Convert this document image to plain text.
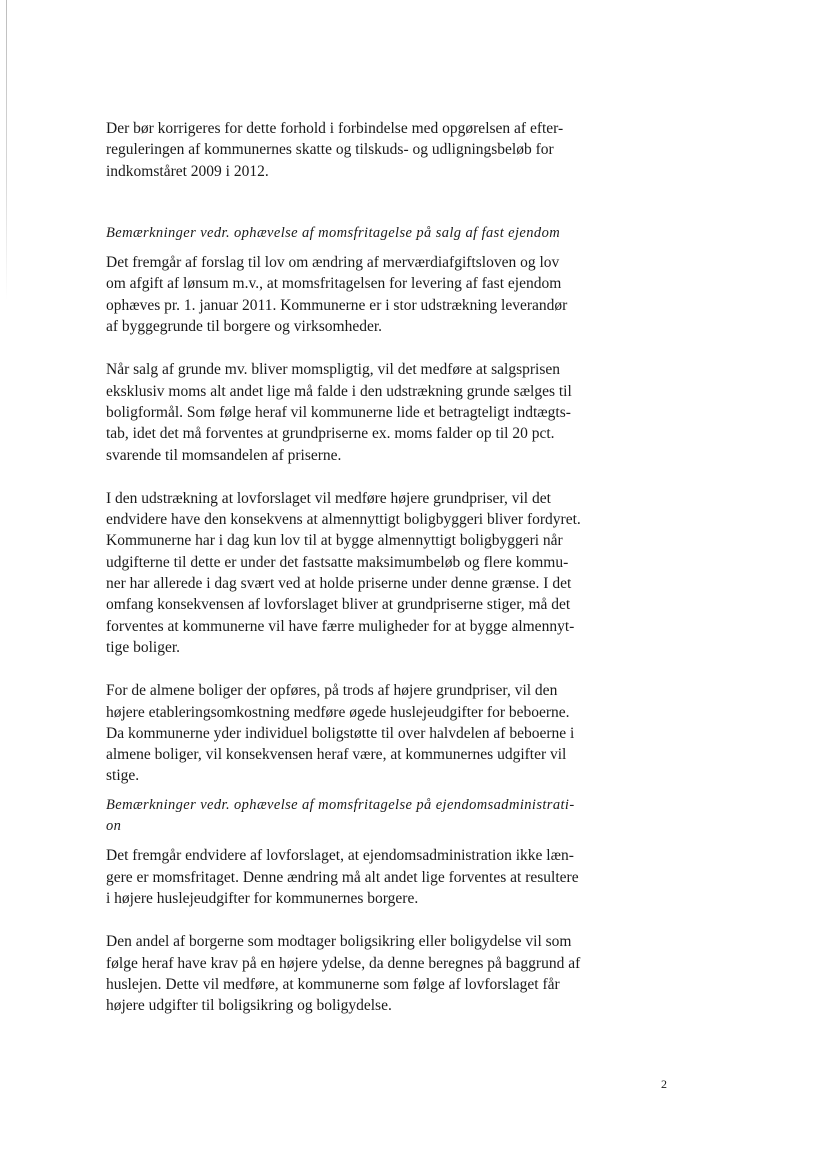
Der bør korrigeres for dette forhold i forbindelse med opgørelsen af efter-
reguleringen af kommunernes skatte og tilskuds- og udligningsbeløb for
indkomståret 2009 i 2012.

Bemærkninger vedr. ophævelse af momsfritagelse på salg af fast ejendom

Det fremgår af forslag til lov om ændring af merværdiafgiftsloven og lov
om afgift af lønsum m.v., at momsfritagelsen for levering af fast ejendom
ophæves pr. 1. januar 2011. Kommunerne er i stor udstrækning leverandør
af byggegrunde til borgere og virksomheder.

Når salg af grunde mv. bliver momspligtig, vil det medføre at salgsprisen
eksklusiv moms alt andet lige må falde i den udstrækning grunde sælges til
boligformål. Som følge heraf vil kommunerne lide et betragteligt indtægts-
tab, idet det må forventes at grundpriserne ex. moms falder op til 20 pct.
svarende til momsandelen af priserne.

I den udstrækning at lovforslaget vil medføre højere grundpriser, vil det
endvidere have den konsekvens at almennyttigt boligbyggeri bliver fordyret.
Kommunerne har i dag kun lov til at bygge almennyttigt boligbyggeri når
udgifterne til dette er under det fastsatte maksimumbeløb og flere kommu-
ner har allerede i dag svært ved at holde priserne under denne grænse. I det
omfang konsekvensen af lovforslaget bliver at grundpriserne stiger, må det
forventes at kommunerne vil have færre muligheder for at bygge almennyt-
tige boliger.

For de almene boliger der opføres, på trods af højere grundpriser, vil den
højere etableringsomkostning medføre øgede huslejeudgifter for beboerne.
Da kommunerne yder individuel boligstøtte til over halvdelen af beboerne i
almene boliger, vil konsekvensen heraf være, at kommunernes udgifter vil
stige.

Bemærkninger vedr. ophævelse af momsfritagelse på ejendomsadministrati-
on

Det fremgår endvidere af lovforslaget, at ejendomsadministration ikke læn-
gere er momsfritaget. Denne ændring må alt andet lige forventes at resultere
i højere huslejeudgifter for kommunernes borgere.

Den andel af borgerne som modtager boligsikring eller boligydelse vil som
følge heraf have krav på en højere ydelse, da denne beregnes på baggrund af
huslejen. Dette vil medføre, at kommunerne som følge af lovforslaget får
højere udgifter til boligsikring og boligydelse.

2
